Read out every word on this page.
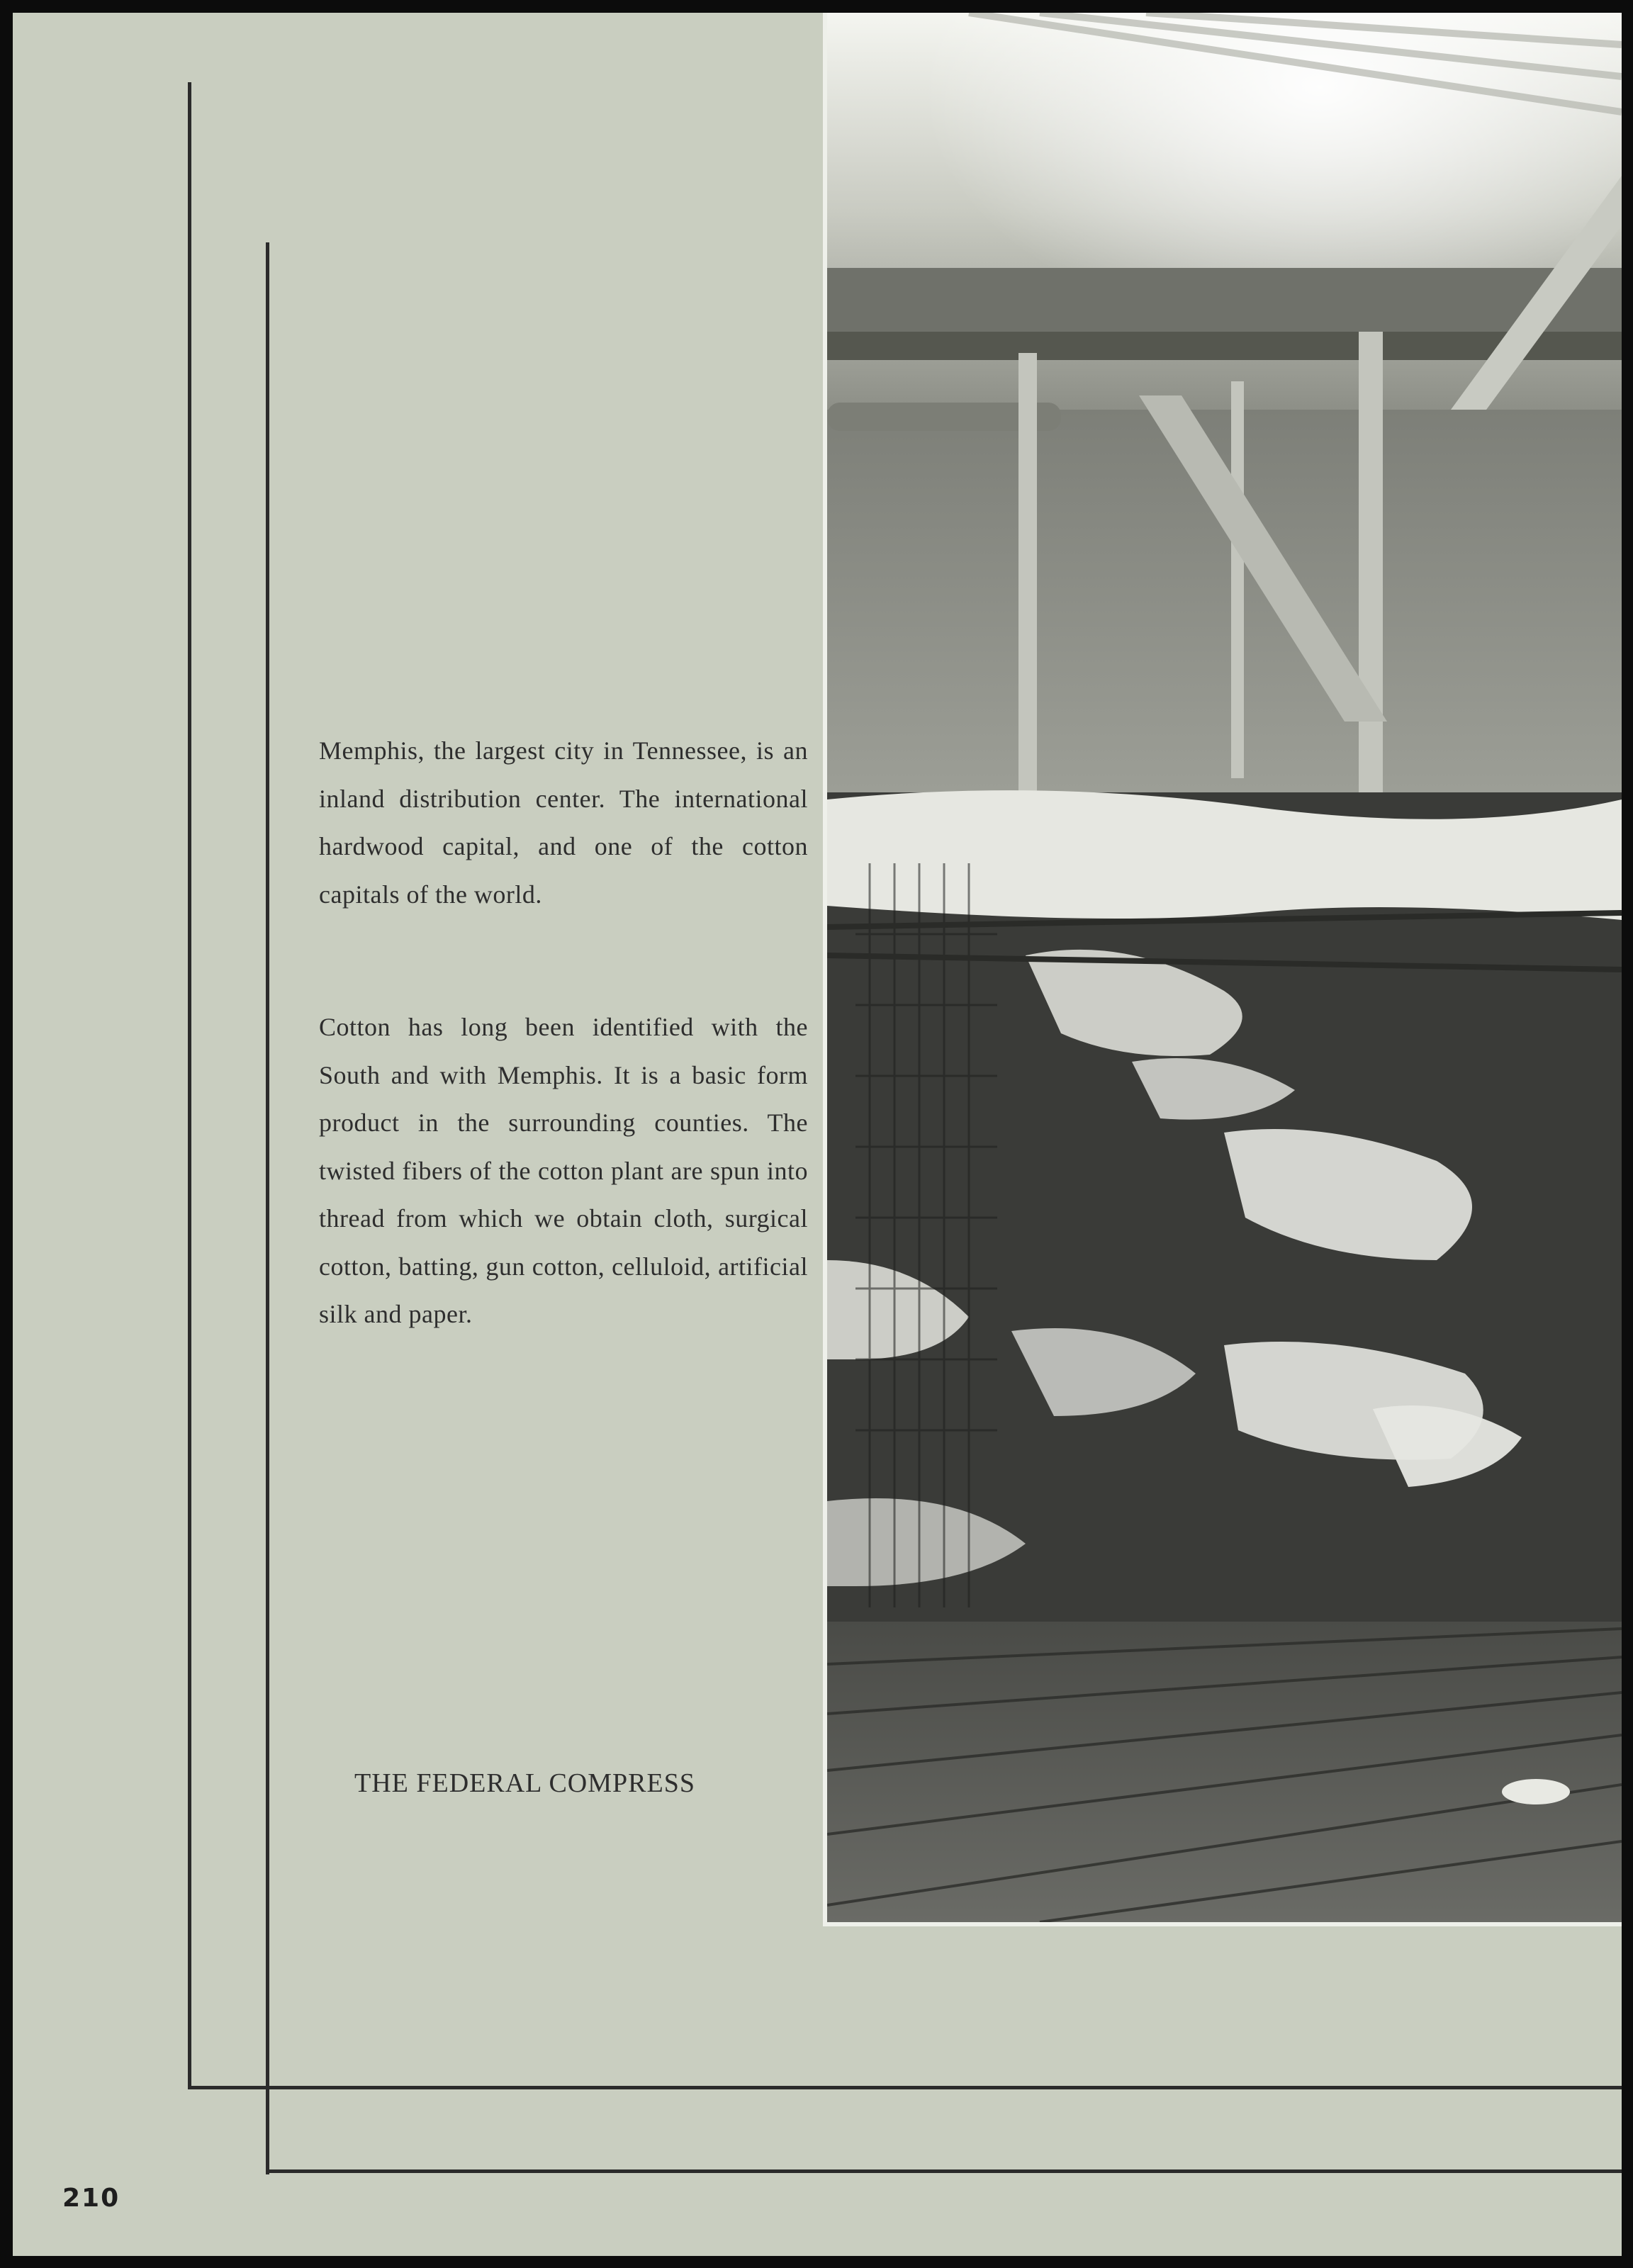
Memphis, the largest city in Tennessee, is an inland distribution center. The international hardwood capital, and one of the cotton capitals of the world.

Cotton has long been identified with the South and with Memphis. It is a basic form product in the surrounding counties. The twisted fibers of the cotton plant are spun into thread from which we obtain cloth, surgical cotton, batting, gun cotton, celluloid, artificial silk and paper.

THE FEDERAL COMPRESS

210
